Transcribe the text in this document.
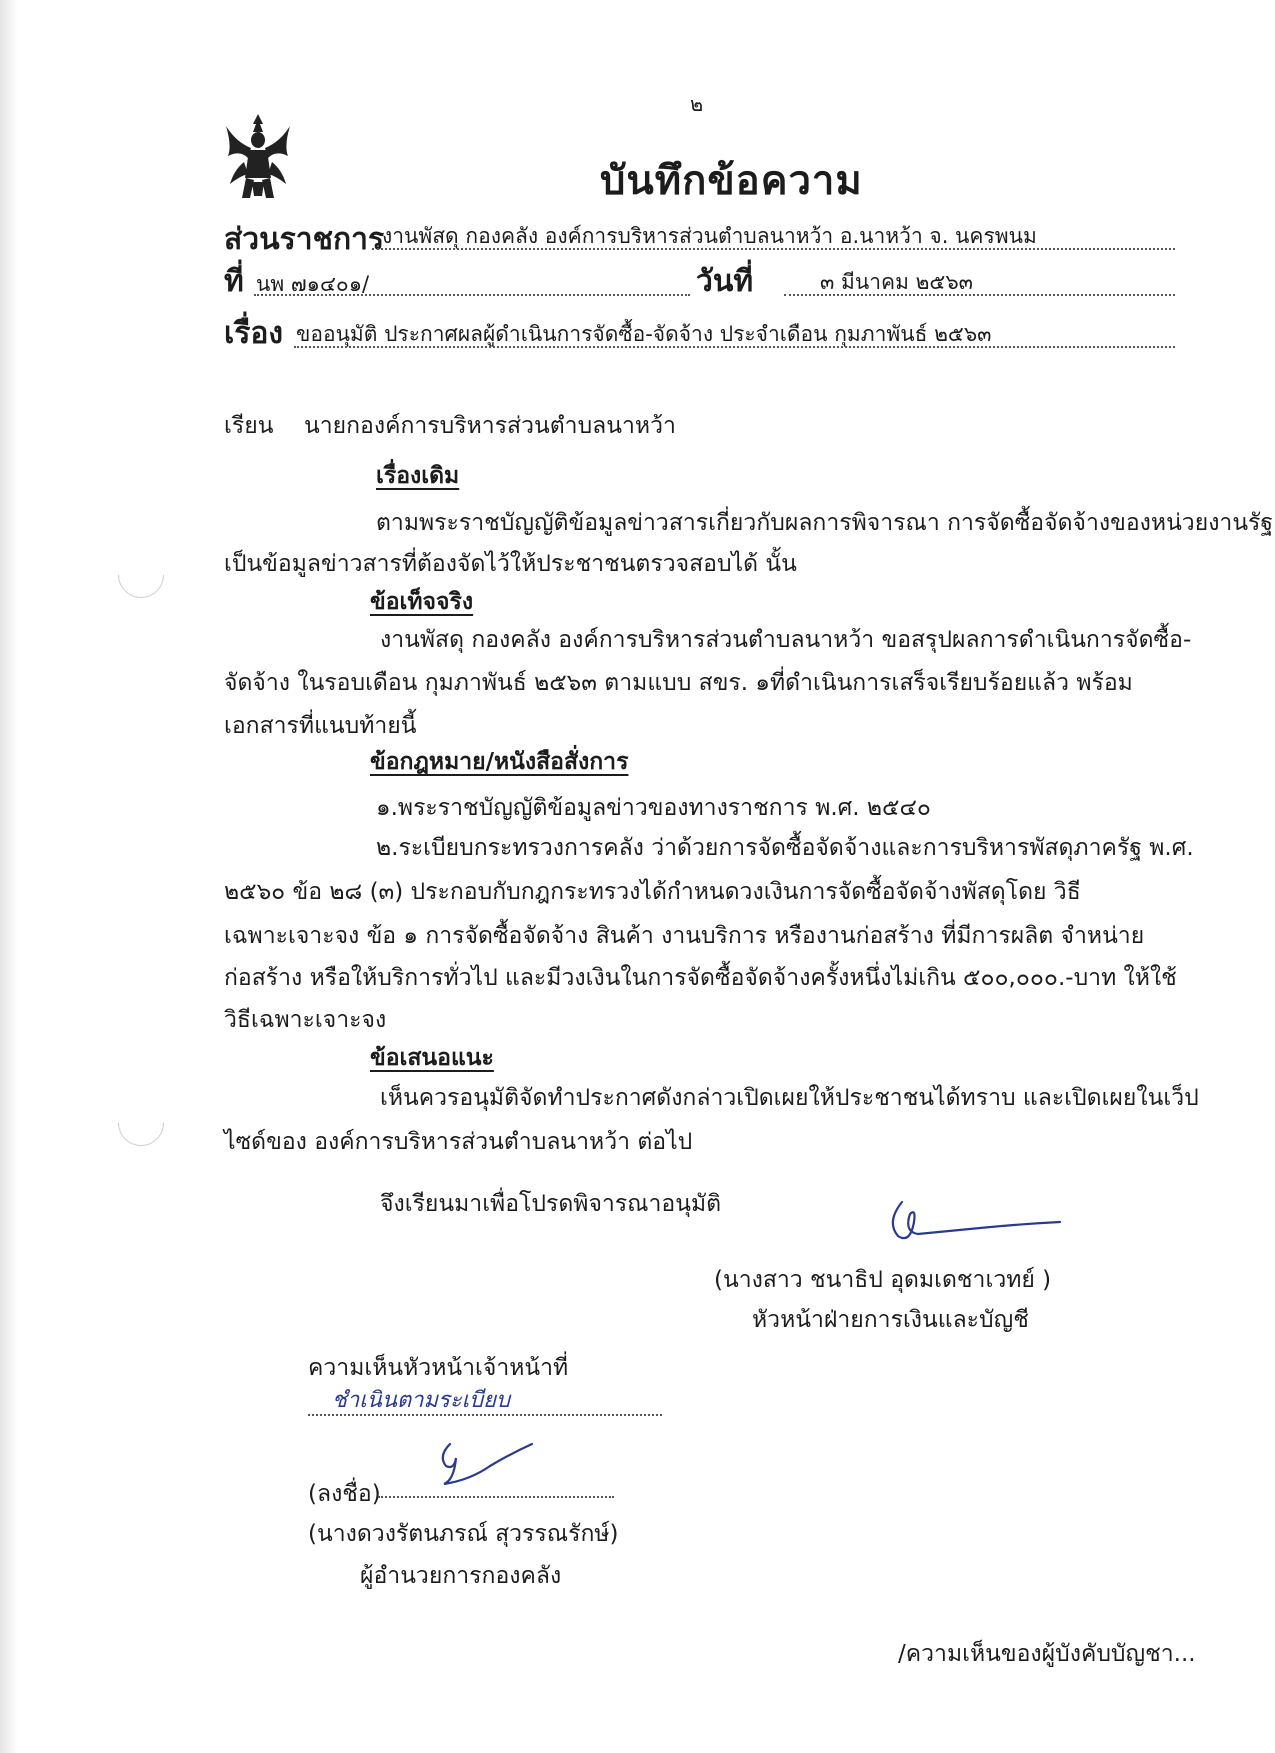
๒
บันทึกข้อความ
ส่วนราชการ
งานพัสดุ กองคลัง องค์การบริหารส่วนตำบลนาหว้า อ.นาหว้า จ. นครพนม
ที่ นพ ๗๑๔๐๑/	วันที่	๓ มีนาคม ๒๕๖๓
เรื่อง ขออนุมัติ ประกาศผลผู้ดำเนินการจัดซื้อ-จัดจ้าง ประจำเดือน กุมภาพันธ์ ๒๕๖๓
เรียน นายกองค์การบริหารส่วนตำบลนาหว้า
เรื่องเดิม
ตามพระราชบัญญัติข้อมูลข่าวสารเกี่ยวกับผลการพิจารณา การจัดซื้อจัดจ้างของหน่วยงานรัฐ
เป็นข้อมูลข่าวสารที่ต้องจัดไว้ให้ประชาชนตรวจสอบได้ นั้น
ข้อเท็จจริง
งานพัสดุ กองคลัง องค์การบริหารส่วนตำบลนาหว้า ขอสรุปผลการดำเนินการจัดซื้อ-
จัดจ้าง ในรอบเดือน กุมภาพันธ์ ๒๕๖๓ ตามแบบ สขร. ๑ที่ดำเนินการเสร็จเรียบร้อยแล้ว พร้อม
เอกสารที่แนบท้ายนี้
ข้อกฎหมาย/หนังสือสั่งการ
๑.พระราชบัญญัติข้อมูลข่าวของทางราชการ พ.ศ. ๒๕๔๐
๒.ระเบียบกระทรวงการคลัง ว่าด้วยการจัดซื้อจัดจ้างและการบริหารพัสดุภาครัฐ พ.ศ.
๒๕๖๐ ข้อ ๒๘ (๓) ประกอบกับกฎกระทรวงได้กำหนดวงเงินการจัดซื้อจัดจ้างพัสดุโดย วิธี
เฉพาะเจาะจง ข้อ ๑ การจัดซื้อจัดจ้าง สินค้า งานบริการ หรืองานก่อสร้าง ที่มีการผลิต จำหน่าย
ก่อสร้าง หรือให้บริการทั่วไป และมีวงเงินในการจัดซื้อจัดจ้างครั้งหนึ่งไม่เกิน ๕๐๐,๐๐๐.-บาท ให้ใช้
วิธีเฉพาะเจาะจง
ข้อเสนอแนะ
เห็นควรอนุมัติจัดทำประกาศดังกล่าวเปิดเผยให้ประชาชนได้ทราบ และเปิดเผยในเว็ป
ไซด์ของ องค์การบริหารส่วนตำบลนาหว้า ต่อไป
จึงเรียนมาเพื่อโปรดพิจารณาอนุมัติ
(นางสาว ชนาธิป อุดมเดชาเวทย์ )
หัวหน้าฝ่ายการเงินและบัญชี
ความเห็นหัวหน้าเจ้าหน้าที่
ชำเนินตามระเบียบ
(ลงชื่อ)
(นางดวงรัตนภรณ์ สุวรรณรักษ์)
ผู้อำนวยการกองคลัง
/ความเห็นของผู้บังคับบัญชา...
